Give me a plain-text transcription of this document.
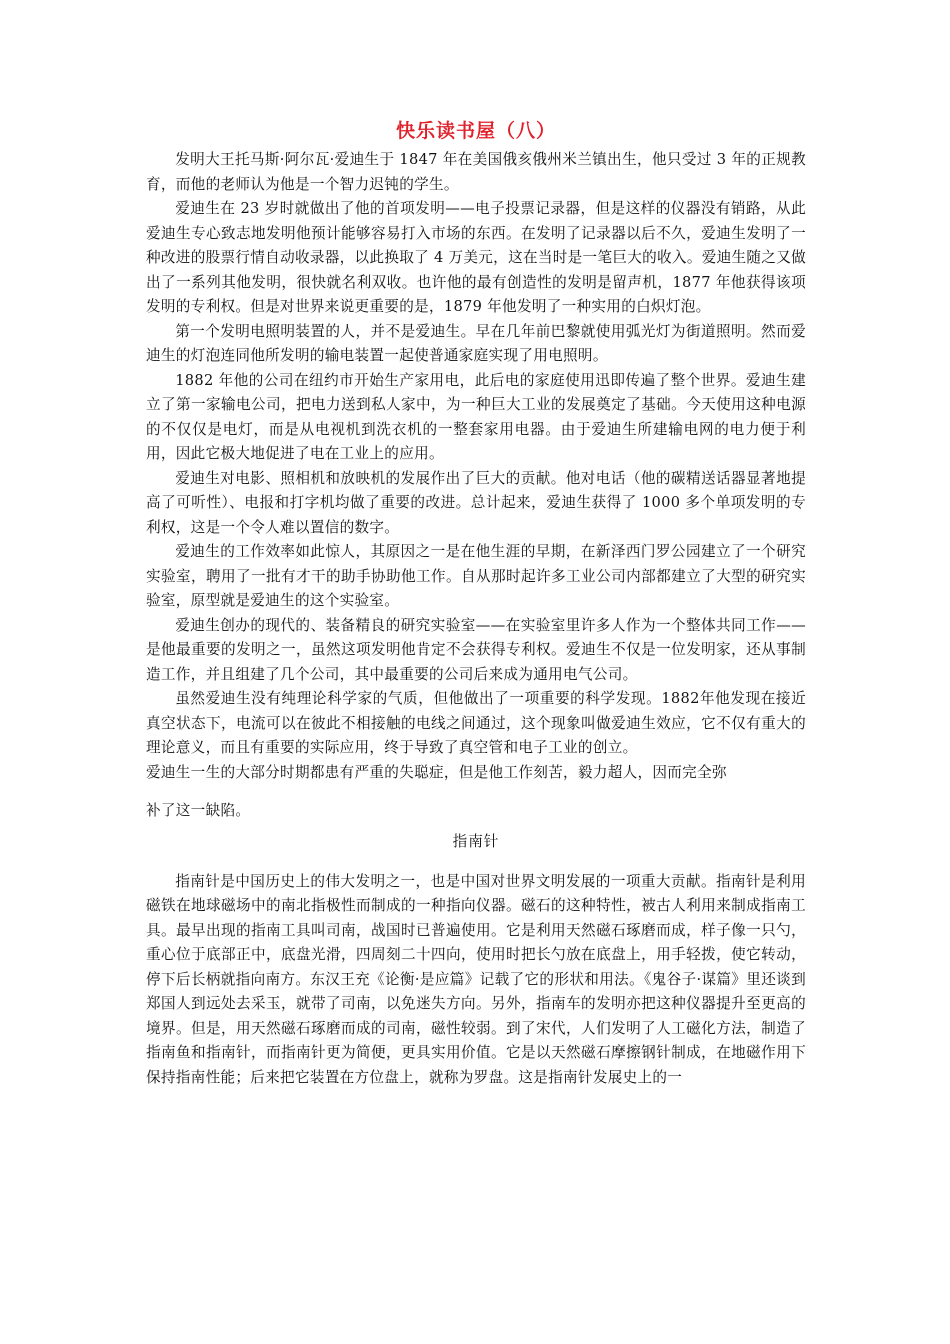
快乐读书屋（八）

发明大王托马斯·阿尔瓦·爱迪生于 1847 年在美国俄亥俄州米兰镇出生，他只受过 3 年的正规教育，而他的老师认为他是一个智力迟钝的学生。

爱迪生在 23 岁时就做出了他的首项发明——电子投票记录器，但是这样的仪器没有销路，从此爱迪生专心致志地发明他预计能够容易打入市场的东西。在发明了记录器以后不久，爱迪生发明了一种改进的股票行情自动收录器，以此换取了 4 万美元，这在当时是一笔巨大的收入。爱迪生随之又做出了一系列其他发明，很快就名利双收。也许他的最有创造性的发明是留声机，1877 年他获得该项发明的专利权。但是对世界来说更重要的是，1879 年他发明了一种实用的白炽灯泡。

第一个发明电照明装置的人，并不是爱迪生。早在几年前巴黎就使用弧光灯为街道照明。然而爱迪生的灯泡连同他所发明的输电装置一起使普通家庭实现了用电照明。

1882 年他的公司在纽约市开始生产家用电，此后电的家庭使用迅即传遍了整个世界。爱迪生建立了第一家输电公司，把电力送到私人家中，为一种巨大工业的发展奠定了基础。今天使用这种电源的不仅仅是电灯，而是从电视机到洗衣机的一整套家用电器。由于爱迪生所建输电网的电力便于利用，因此它极大地促进了电在工业上的应用。

爱迪生对电影、照相机和放映机的发展作出了巨大的贡献。他对电话（他的碳精送话器显著地提高了可听性）、电报和打字机均做了重要的改进。总计起来，爱迪生获得了 1000 多个单项发明的专利权，这是一个令人难以置信的数字。

爱迪生的工作效率如此惊人，其原因之一是在他生涯的早期，在新泽西门罗公园建立了一个研究实验室，聘用了一批有才干的助手协助他工作。自从那时起许多工业公司内部都建立了大型的研究实验室，原型就是爱迪生的这个实验室。

爱迪生创办的现代的、装备精良的研究实验室——在实验室里许多人作为一个整体共同工作——是他最重要的发明之一，虽然这项发明他肯定不会获得专利权。爱迪生不仅是一位发明家，还从事制造工作，并且组建了几个公司，其中最重要的公司后来成为通用电气公司。

虽然爱迪生没有纯理论科学家的气质，但他做出了一项重要的科学发现。1882年他发现在接近真空状态下，电流可以在彼此不相接触的电线之间通过，这个现象叫做爱迪生效应，它不仅有重大的理论意义，而且有重要的实际应用，终于导致了真空管和电子工业的创立。

爱迪生一生的大部分时期都患有严重的失聪症，但是他工作刻苦，毅力超人，因而完全弥

补了这一缺陷。

指南针

指南针是中国历史上的伟大发明之一，也是中国对世界文明发展的一项重大贡献。指南针是利用磁铁在地球磁场中的南北指极性而制成的一种指向仪器。磁石的这种特性，被古人利用来制成指南工具。最早出现的指南工具叫司南，战国时已普遍使用。它是利用天然磁石琢磨而成，样子像一只勺，重心位于底部正中，底盘光滑，四周刻二十四向，使用时把长勺放在底盘上，用手轻拨，使它转动，停下后长柄就指向南方。东汉王充《论衡·是应篇》记载了它的形状和用法。《鬼谷子·谋篇》里还谈到郑国人到远处去采玉，就带了司南，以免迷失方向。另外，指南车的发明亦把这种仪器提升至更高的境界。但是，用天然磁石琢磨而成的司南，磁性较弱。到了宋代，人们发明了人工磁化方法，制造了指南鱼和指南针，而指南针更为简便，更具实用价值。它是以天然磁石摩擦钢针制成，在地磁作用下保持指南性能；后来把它装置在方位盘上，就称为罗盘。这是指南针发展史上的一
